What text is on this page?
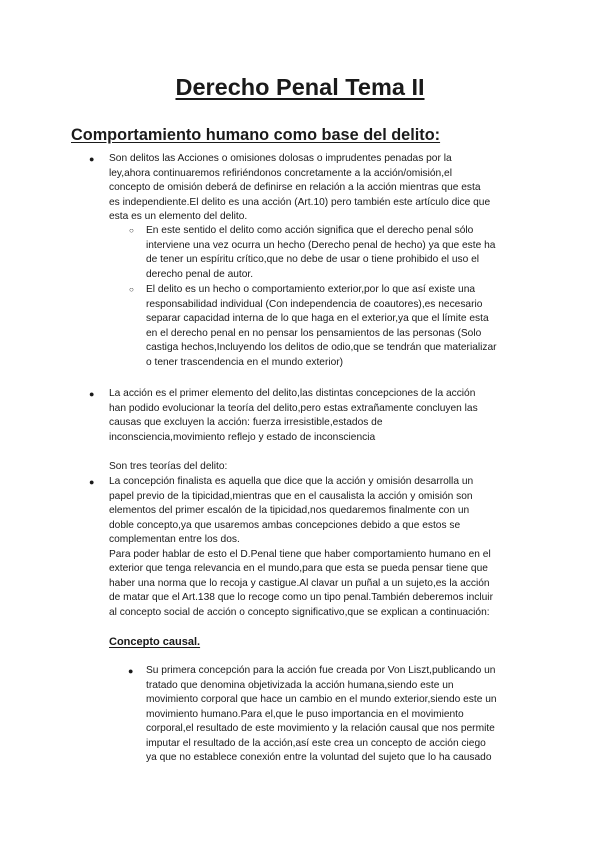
Derecho Penal Tema II
Comportamiento humano como base del delito:
● Son delitos las Acciones o omisiones dolosas o imprudentes penadas por la
ley,ahora continuaremos refiriéndonos concretamente a la acción/omisión,el
concepto de omisión deberá de definirse en relación a la acción mientras que esta
es independiente.El delito es una acción (Art.10) pero también este artículo dice que
esta es un elemento del delito.
○ En este sentido el delito como acción significa que el derecho penal sólo
interviene una vez ocurra un hecho (Derecho penal de hecho) ya que este ha
de tener un espíritu crítico,que no debe de usar o tiene prohibido el uso el
derecho penal de autor.
○ El delito es un hecho o comportamiento exterior,por lo que así existe una
responsabilidad individual (Con independencia de coautores),es necesario
separar capacidad interna de lo que haga en el exterior,ya que el límite esta
en el derecho penal en no pensar los pensamientos de las personas (Solo
castiga hechos,Incluyendo los delitos de odio,que se tendrán que materializar
o tener trascendencia en el mundo exterior)
● La acción es el primer elemento del delito,las distintas concepciones de la acción
han podido evolucionar la teoría del delito,pero estas extrañamente concluyen las
causas que excluyen la acción: fuerza irresistible,estados de
inconsciencia,movimiento reflejo y estado de inconsciencia
Son tres teorías del delito:
● La concepción finalista es aquella que dice que la acción y omisión desarrolla un
papel previo de la tipicidad,mientras que en el causalista la acción y omisión son
elementos del primer escalón de la tipicidad,nos quedaremos finalmente con un
doble concepto,ya que usaremos ambas concepciones debido a que estos se
complementan entre los dos.
Para poder hablar de esto el D.Penal tiene que haber comportamiento humano en el
exterior que tenga relevancia en el mundo,para que esta se pueda pensar tiene que
haber una norma que lo recoja y castigue.Al clavar un puñal a un sujeto,es la acción
de matar que el Art.138 que lo recoge como un tipo penal.También deberemos incluir
al concepto social de acción o concepto significativo,que se explican a continuación:
Concepto causal.
● Su primera concepción para la acción fue creada por Von Liszt,publicando un
tratado que denomina objetivizada la acción humana,siendo este un
movimiento corporal que hace un cambio en el mundo exterior,siendo este un
movimiento humano.Para el,que le puso importancia en el movimiento
corporal,el resultado de este movimiento y la relación causal que nos permite
imputar el resultado de la acción,así este crea un concepto de acción ciego
ya que no establece conexión entre la voluntad del sujeto que lo ha causado
